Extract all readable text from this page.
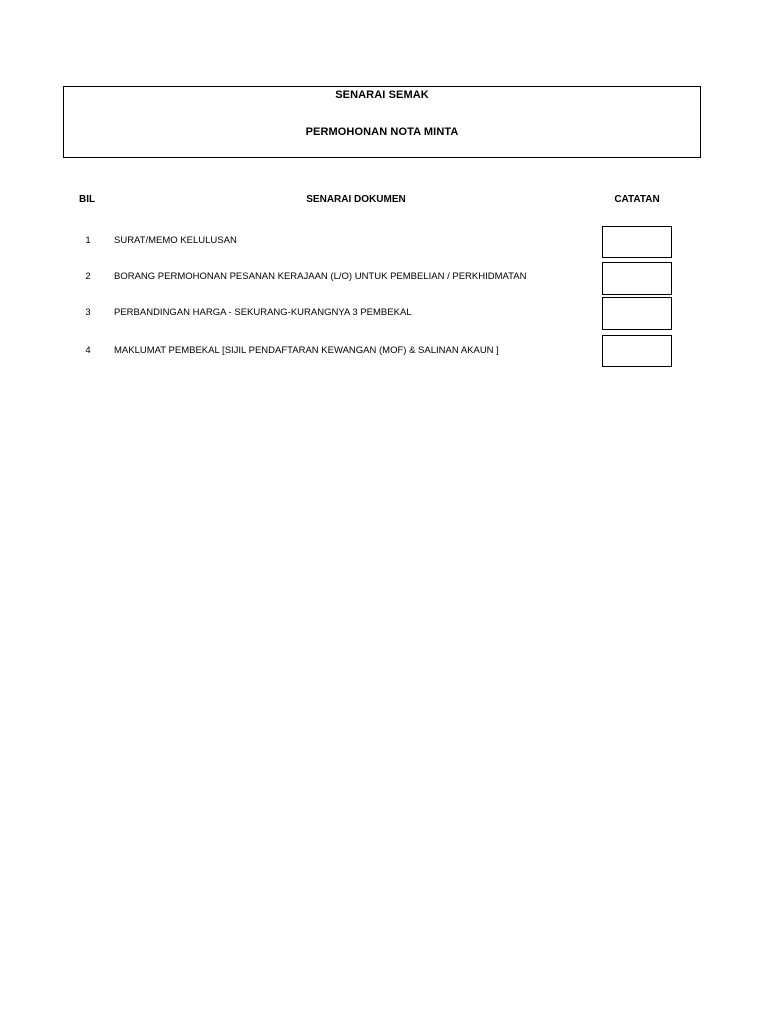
SENARAI SEMAK
PERMOHONAN NOTA MINTA
BIL	SENARAI DOKUMEN	CATATAN
1	SURAT/MEMO KELULUSAN
2	BORANG PERMOHONAN PESANAN KERAJAAN (L/O) UNTUK PEMBELIAN / PERKHIDMATAN
3	PERBANDINGAN HARGA - SEKURANG-KURANGNYA 3 PEMBEKAL
4	MAKLUMAT PEMBEKAL [SIJIL PENDAFTARAN KEWANGAN (MOF) & SALINAN AKAUN ]
